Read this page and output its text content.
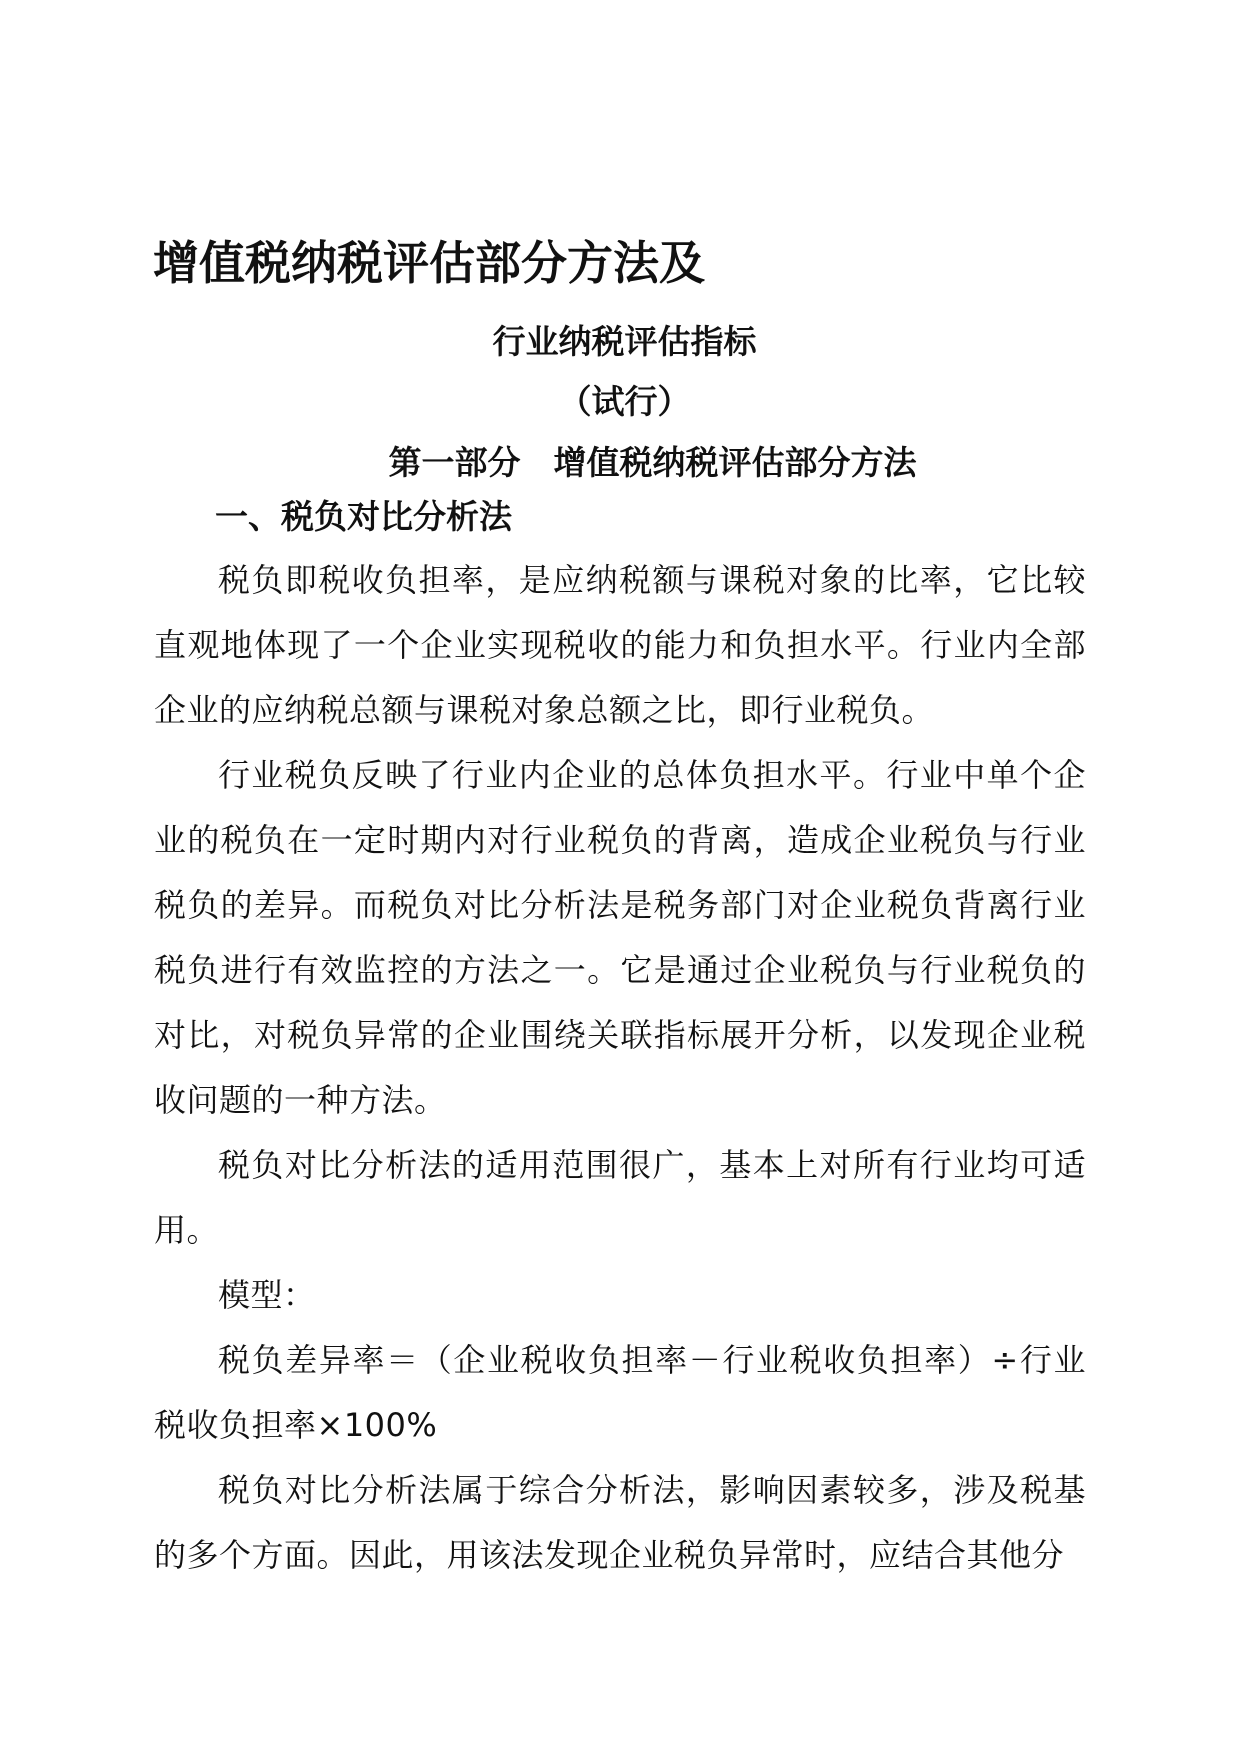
增值税纳税评估部分方法及
行业纳税评估指标
（试行）
第一部分　增值税纳税评估部分方法
一、税负对比分析法

税负即税收负担率，是应纳税额与课税对象的比率，它比较直观地体现了一个企业实现税收的能力和负担水平。行业内全部企业的应纳税总额与课税对象总额之比，即行业税负。

行业税负反映了行业内企业的总体负担水平。行业中单个企业的税负在一定时期内对行业税负的背离，造成企业税负与行业税负的差异。而税负对比分析法是税务部门对企业税负背离行业税负进行有效监控的方法之一。它是通过企业税负与行业税负的对比，对税负异常的企业围绕关联指标展开分析，以发现企业税收问题的一种方法。

税负对比分析法的适用范围很广，基本上对所有行业均可适用。

模型：

税负差异率＝（企业税收负担率－行业税收负担率）÷行业税收负担率×100%

税负对比分析法属于综合分析法，影响因素较多，涉及税基的多个方面。因此，用该法发现企业税负异常时，应结合其他分
